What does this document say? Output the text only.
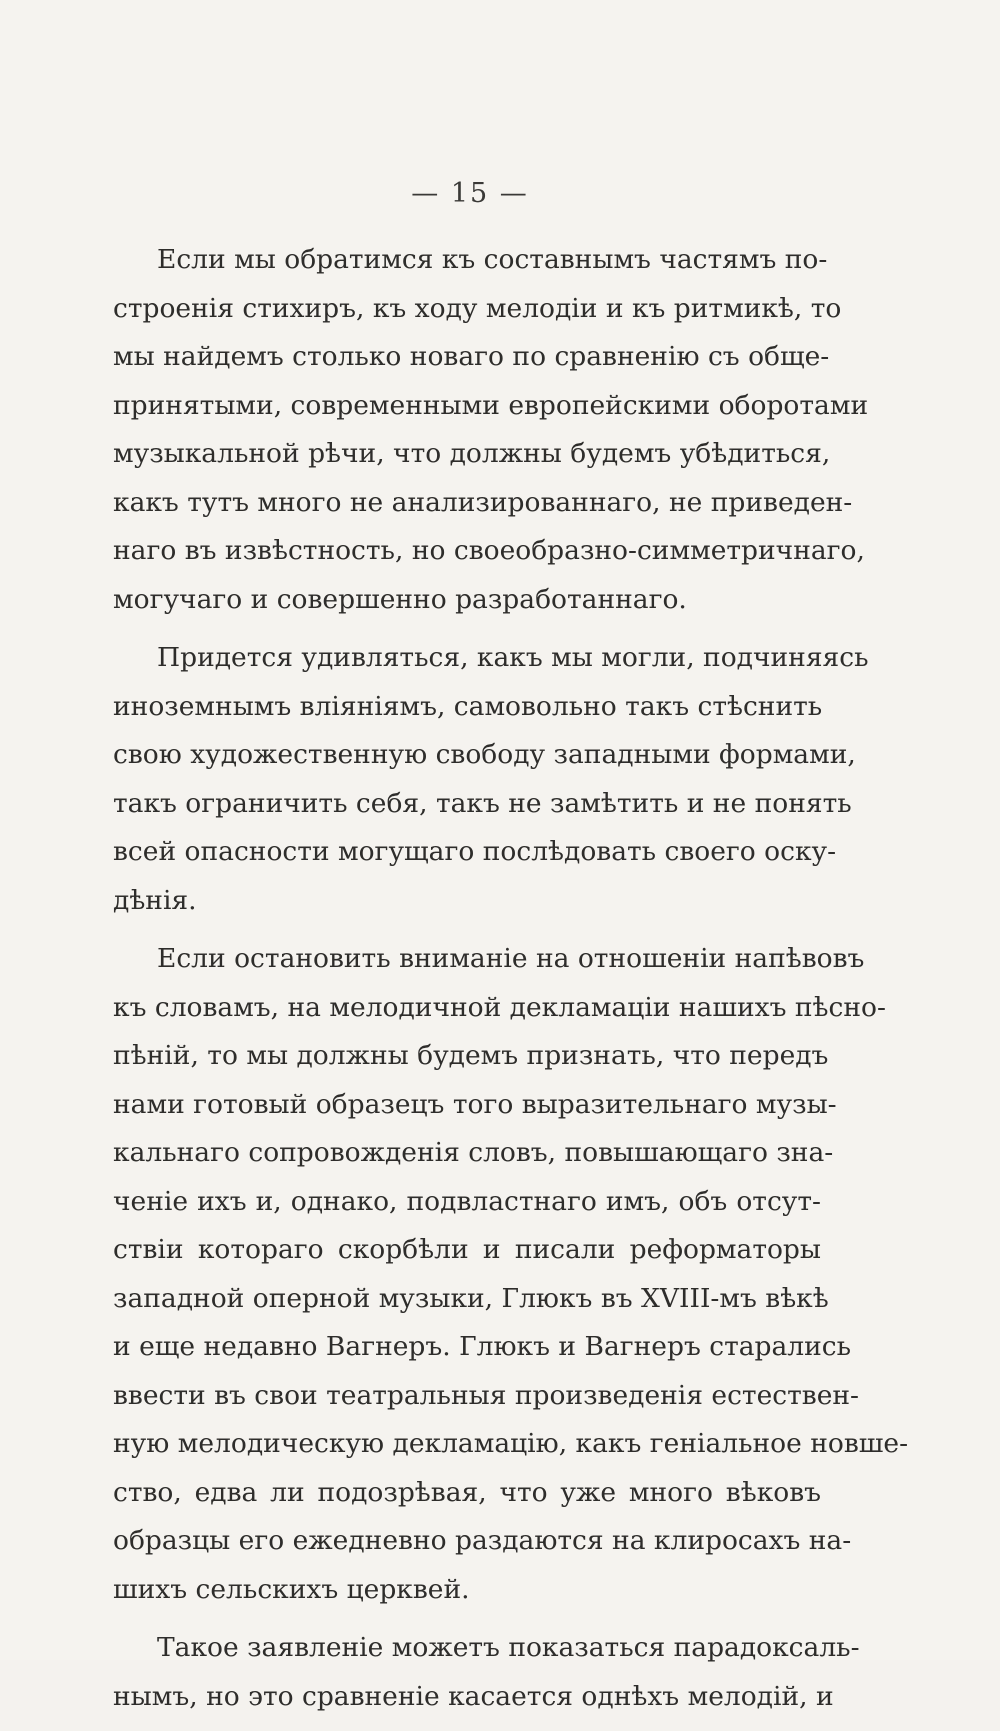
— 15 —
Если мы обратимся къ составнымъ частямъ по-
строенія стихиръ, къ ходу мелодіи и къ ритмикѣ, то
мы найдемъ столько новаго по сравненію съ обще-
принятыми, современными европейскими оборотами
музыкальной рѣчи, что должны будемъ убѣдиться,
какъ тутъ много не анализированнаго, не приведен-
наго въ извѣстность, но своеобразно-симметричнаго,
могучаго и совершенно разработаннаго.
Придется удивляться, какъ мы могли, подчиняясь
иноземнымъ вліяніямъ, самовольно такъ стѣснить
свою художественную свободу западными формами,
такъ ограничить себя, такъ не замѣтить и не понять
всей опасности могущаго послѣдовать своего оску-
дѣнія.
Если остановить вниманіе на отношеніи напѣвовъ
къ словамъ, на мелодичной декламаціи нашихъ пѣсно-
пѣній, то мы должны будемъ признать, что передъ
нами готовый образецъ того выразительнаго музы-
кальнаго сопровожденія словъ, повышающаго зна-
ченіе ихъ и, однако, подвластнаго имъ, объ отсут-
ствіи котораго скорбѣли и писали реформаторы
западной оперной музыки, Глюкъ въ XVIII-мъ вѣкѣ
и еще недавно Вагнеръ. Глюкъ и Вагнеръ старались
ввести въ свои театральныя произведенія естествен-
ную мелодическую декламацію, какъ геніальное новше-
ство, едва ли подозрѣвая, что уже много вѣковъ
образцы его ежедневно раздаются на клиросахъ на-
шихъ сельскихъ церквей.
Такое заявленіе можетъ показаться парадоксаль-
нымъ, но это сравненіе касается однѣхъ мелодій, и
